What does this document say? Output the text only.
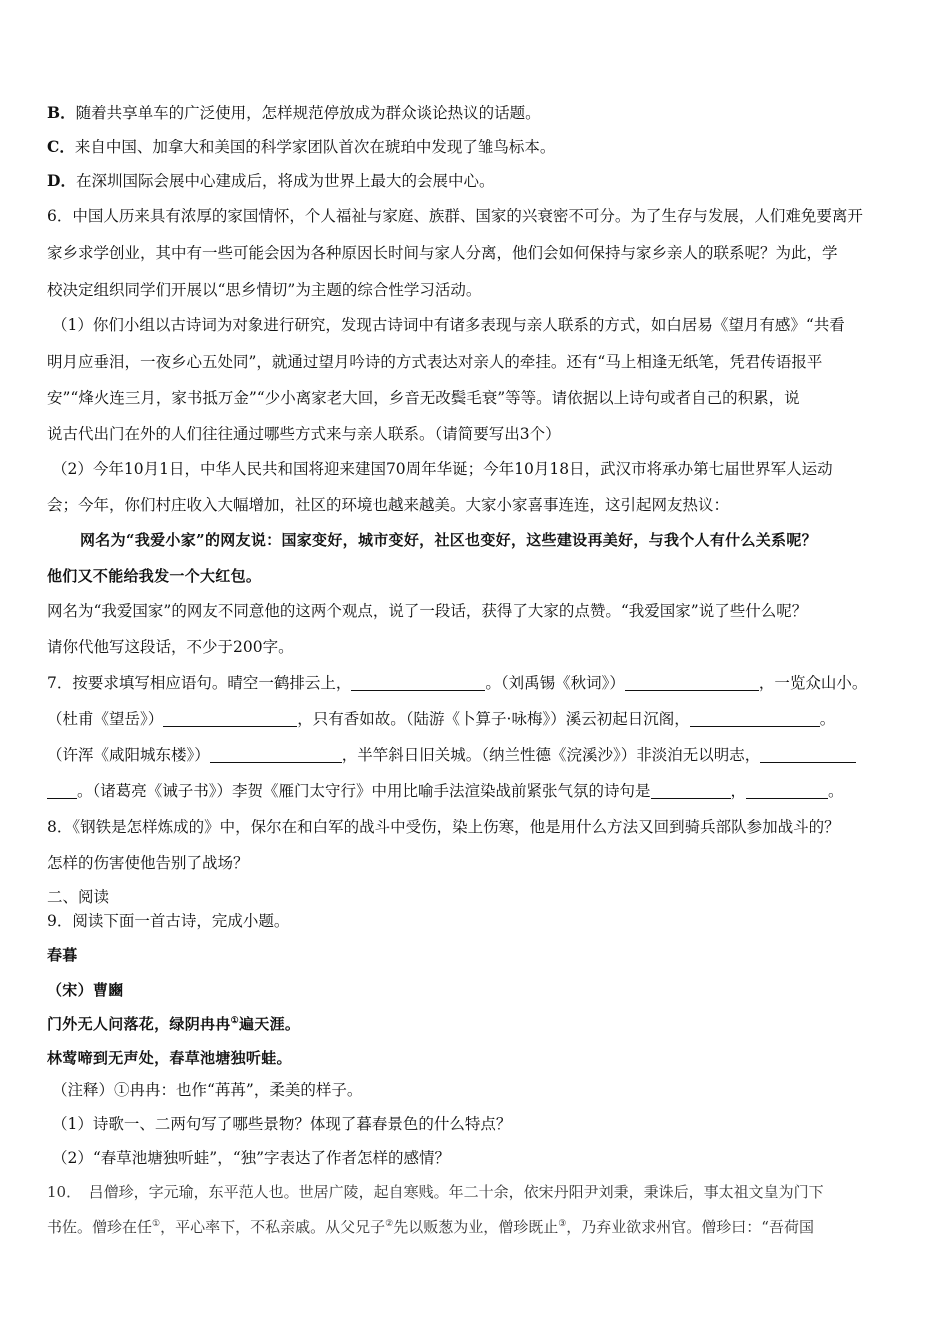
B．随着共享单车的广泛使用，怎样规范停放成为群众谈论热议的话题。
C．来自中国、加拿大和美国的科学家团队首次在琥珀中发现了雏鸟标本。
D．在深圳国际会展中心建成后，将成为世界上最大的会展中心。
6．中国人历来具有浓厚的家国情怀，个人福祉与家庭、族群、国家的兴衰密不可分。为了生存与发展，人们难免要离开
家乡求学创业，其中有一些可能会因为各种原因长时间与家人分离，他们会如何保持与家乡亲人的联系呢？为此，学
校决定组织同学们开展以“思乡情切”为主题的综合性学习活动。
（1）你们小组以古诗词为对象进行研究，发现古诗词中有诸多表现与亲人联系的方式，如白居易《望月有感》“共看
明月应垂泪，一夜乡心五处同”，就通过望月吟诗的方式表达对亲人的牵挂。还有“马上相逢无纸笔，凭君传语报平
安”“烽火连三月，家书抵万金”“少小离家老大回，乡音无改鬓毛衰”等等。请依据以上诗句或者自己的积累，说
说古代出门在外的人们往往通过哪些方式来与亲人联系。（请简要写出3个）
（2）今年10月1日，中华人民共和国将迎来建国70周年华诞；今年10月18日，武汉市将承办第七届世界军人运动
会；今年，你们村庄收入大幅增加，社区的环境也越来越美。大家小家喜事连连，这引起网友热议：
网名为“我爱小家”的网友说：国家变好，城市变好，社区也变好，这些建设再美好，与我个人有什么关系呢？
他们又不能给我发一个大红包。
网名为“我爱国家”的网友不同意他的这两个观点，说了一段话，获得了大家的点赞。“我爱国家”说了些什么呢？
请你代他写这段话，不少于200字。
7．按要求填写相应语句。晴空一鹤排云上，	。（刘禹锡《秋词》）	，一览众山小。
（杜甫《望岳》）	，只有香如故。（陆游《卜算子·咏梅》）溪云初起日沉阁，	。
（许浑《咸阳城东楼》）	，半竿斜日旧关城。（纳兰性德《浣溪沙》）非淡泊无以明志，
。（诸葛亮《诫子书》）李贺《雁门太守行》中用比喻手法渲染战前紧张气氛的诗句是	，	。
8．《钢铁是怎样炼成的》中，保尔在和白军的战斗中受伤，染上伤寒，他是用什么方法又回到骑兵部队参加战斗的？
怎样的伤害使他告别了战场？
二、阅读
9．阅读下面一首古诗，完成小题。
春暮
（宋）曹豳
门外无人问落花，绿阴冉冉①遍天涯。
林莺啼到无声处，春草池塘独听蛙。
（注释）①冉冉：也作“苒苒”，柔美的样子。
（1）诗歌一、二两句写了哪些景物？体现了暮春景色的什么特点？
（2）“春草池塘独听蛙”，“独”字表达了作者怎样的感情？
10．　吕僧珍，字元瑜，东平范人也。世居广陵，起自寒贱。年二十余，依宋丹阳尹刘秉，秉诛后，事太祖文皇为门下
书佐。僧珍在任①，平心率下，不私亲戚。从父兄子②先以贩葱为业，僧珍既止③，乃弃业欲求州官。僧珍曰：“吾荷国
